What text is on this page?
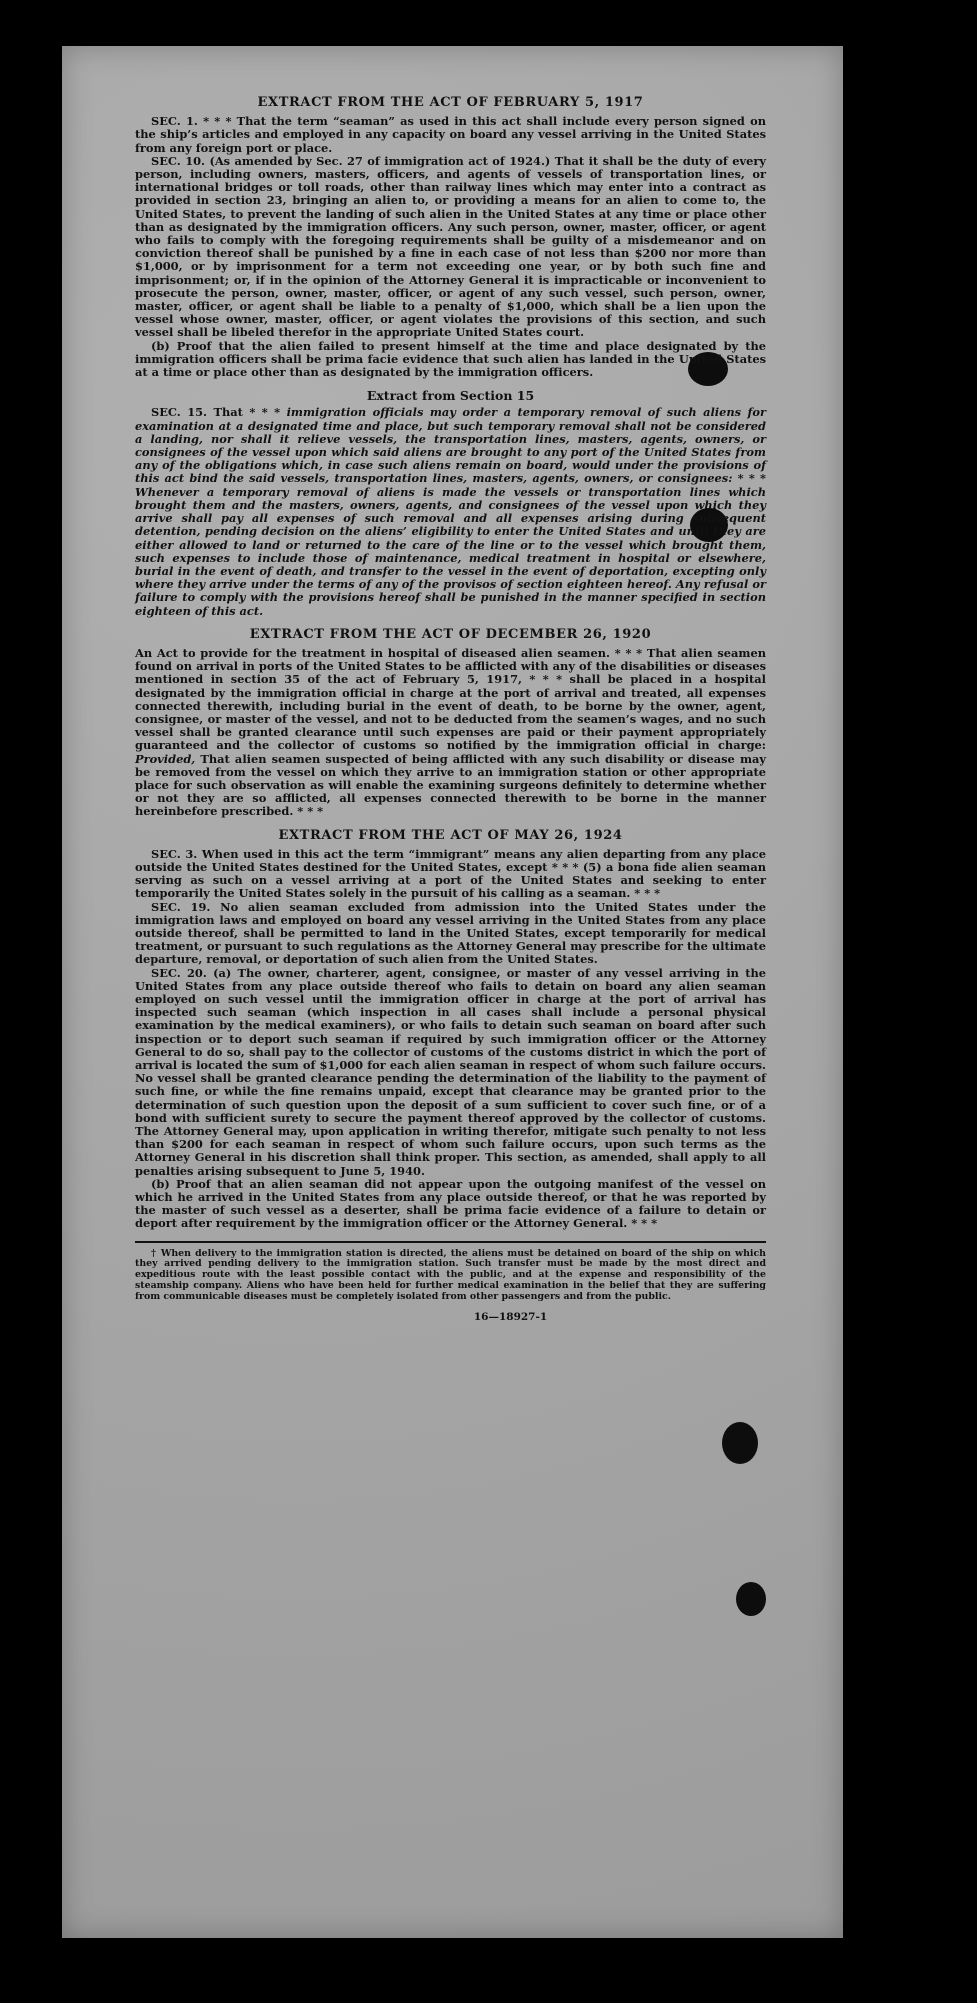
EXTRACT FROM THE ACT OF FEBRUARY 5, 1917

SEC. 1. * * * That the term “seaman” as used in this act shall include every person signed on the ship’s articles and employed in any capacity on board any vessel arriving in the United States from any foreign port or place.

SEC. 10. (As amended by Sec. 27 of immigration act of 1924.) That it shall be the duty of every person, including owners, masters, officers, and agents of vessels of transportation lines, or international bridges or toll roads, other than railway lines which may enter into a contract as provided in section 23, bringing an alien to, or providing a means for an alien to come to, the United States, to prevent the landing of such alien in the United States at any time or place other than as designated by the immigration officers. Any such person, owner, master, officer, or agent who fails to comply with the foregoing requirements shall be guilty of a misdemeanor and on conviction thereof shall be punished by a fine in each case of not less than $200 nor more than $1,000, or by imprisonment for a term not exceeding one year, or by both such fine and imprisonment; or, if in the opinion of the Attorney General it is impracticable or inconvenient to prosecute the person, owner, master, officer, or agent of any such vessel, such person, owner, master, officer, or agent shall be liable to a penalty of $1,000, which shall be a lien upon the vessel whose owner, master, officer, or agent violates the provisions of this section, and such vessel shall be libeled therefor in the appropriate United States court.

(b) Proof that the alien failed to present himself at the time and place designated by the immigration officers shall be prima facie evidence that such alien has landed in the United States at a time or place other than as designated by the immigration officers.

Extract from Section 15

SEC. 15. That * * * immigration officials may order a temporary removal of such aliens for examination at a designated time and place, but such temporary removal shall not be considered a landing, nor shall it relieve vessels, the transportation lines, masters, agents, owners, or consignees of the vessel upon which said aliens are brought to any port of the United States from any of the obligations which, in case such aliens remain on board, would under the provisions of this act bind the said vessels, transportation lines, masters, agents, owners, or consignees: * * * Whenever a temporary removal of aliens is made the vessels or transportation lines which brought them and the masters, owners, agents, and consignees of the vessel upon which they arrive shall pay all expenses of such removal and all expenses arising during subsequent detention, pending decision on the aliens’ eligibility to enter the United States and until they are either allowed to land or returned to the care of the line or to the vessel which brought them, such expenses to include those of maintenance, medical treatment in hospital or elsewhere, burial in the event of death, and transfer to the vessel in the event of deportation, excepting only where they arrive under the terms of any of the provisos of section eighteen hereof. Any refusal or failure to comply with the provisions hereof shall be punished in the manner specified in section eighteen of this act.

EXTRACT FROM THE ACT OF DECEMBER 26, 1920

An Act to provide for the treatment in hospital of diseased alien seamen. * * * That alien seamen found on arrival in ports of the United States to be afflicted with any of the disabilities or diseases mentioned in section 35 of the act of February 5, 1917, * * * shall be placed in a hospital designated by the immigration official in charge at the port of arrival and treated, all expenses connected therewith, including burial in the event of death, to be borne by the owner, agent, consignee, or master of the vessel, and not to be deducted from the seamen’s wages, and no such vessel shall be granted clearance until such expenses are paid or their payment appropriately guaranteed and the collector of customs so notified by the immigration official in charge: Provided, That alien seamen suspected of being afflicted with any such disability or disease may be removed from the vessel on which they arrive to an immigration station or other appropriate place for such observation as will enable the examining surgeons definitely to determine whether or not they are so afflicted, all expenses connected therewith to be borne in the manner hereinbefore prescribed. * * *

EXTRACT FROM THE ACT OF MAY 26, 1924

SEC. 3. When used in this act the term “immigrant” means any alien departing from any place outside the United States destined for the United States, except * * * (5) a bona fide alien seaman serving as such on a vessel arriving at a port of the United States and seeking to enter temporarily the United States solely in the pursuit of his calling as a seaman. * * *

SEC. 19. No alien seaman excluded from admission into the United States under the immigration laws and employed on board any vessel arriving in the United States from any place outside thereof, shall be permitted to land in the United States, except temporarily for medical treatment, or pursuant to such regulations as the Attorney General may prescribe for the ultimate departure, removal, or deportation of such alien from the United States.

SEC. 20. (a) The owner, charterer, agent, consignee, or master of any vessel arriving in the United States from any place outside thereof who fails to detain on board any alien seaman employed on such vessel until the immigration officer in charge at the port of arrival has inspected such seaman (which inspection in all cases shall include a personal physical examination by the medical examiners), or who fails to detain such seaman on board after such inspection or to deport such seaman if required by such immigration officer or the Attorney General to do so, shall pay to the collector of customs of the customs district in which the port of arrival is located the sum of $1,000 for each alien seaman in respect of whom such failure occurs. No vessel shall be granted clearance pending the determination of the liability to the payment of such fine, or while the fine remains unpaid, except that clearance may be granted prior to the determination of such question upon the deposit of a sum sufficient to cover such fine, or of a bond with sufficient surety to secure the payment thereof approved by the collector of customs. The Attorney General may, upon application in writing therefor, mitigate such penalty to not less than $200 for each seaman in respect of whom such failure occurs, upon such terms as the Attorney General in his discretion shall think proper. This section, as amended, shall apply to all penalties arising subsequent to June 5, 1940.

(b) Proof that an alien seaman did not appear upon the outgoing manifest of the vessel on which he arrived in the United States from any place outside thereof, or that he was reported by the master of such vessel as a deserter, shall be prima facie evidence of a failure to detain or deport after requirement by the immigration officer or the Attorney General. * * *

† When delivery to the immigration station is directed, the aliens must be detained on board of the ship on which they arrived pending delivery to the immigration station. Such transfer must be made by the most direct and expeditious route with the least possible contact with the public, and at the expense and responsibility of the steamship company. Aliens who have been held for further medical examination in the belief that they are suffering from communicable diseases must be completely isolated from other passengers and from the public.

16—18927-1
